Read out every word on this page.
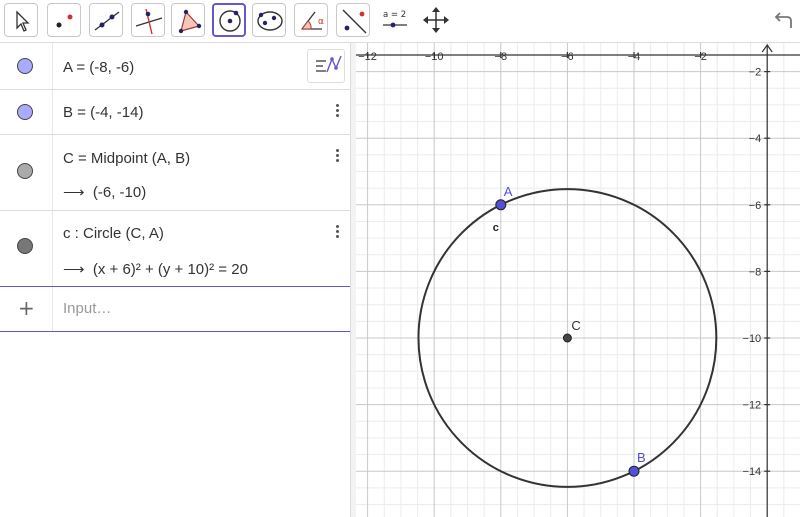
α
a = 2
A = (-8, -6)
B = (-4, -14)
C = Midpoint (A, B)
⟶ (-6, -10)
c : Circle (C, A)
⟶ (x + 6)² + (y + 10)² = 20
+ Input…
−12	−10	−8	−6	−4	−2
−2
−4
−6
−8
−10
−12
−14
c
A
B
C
